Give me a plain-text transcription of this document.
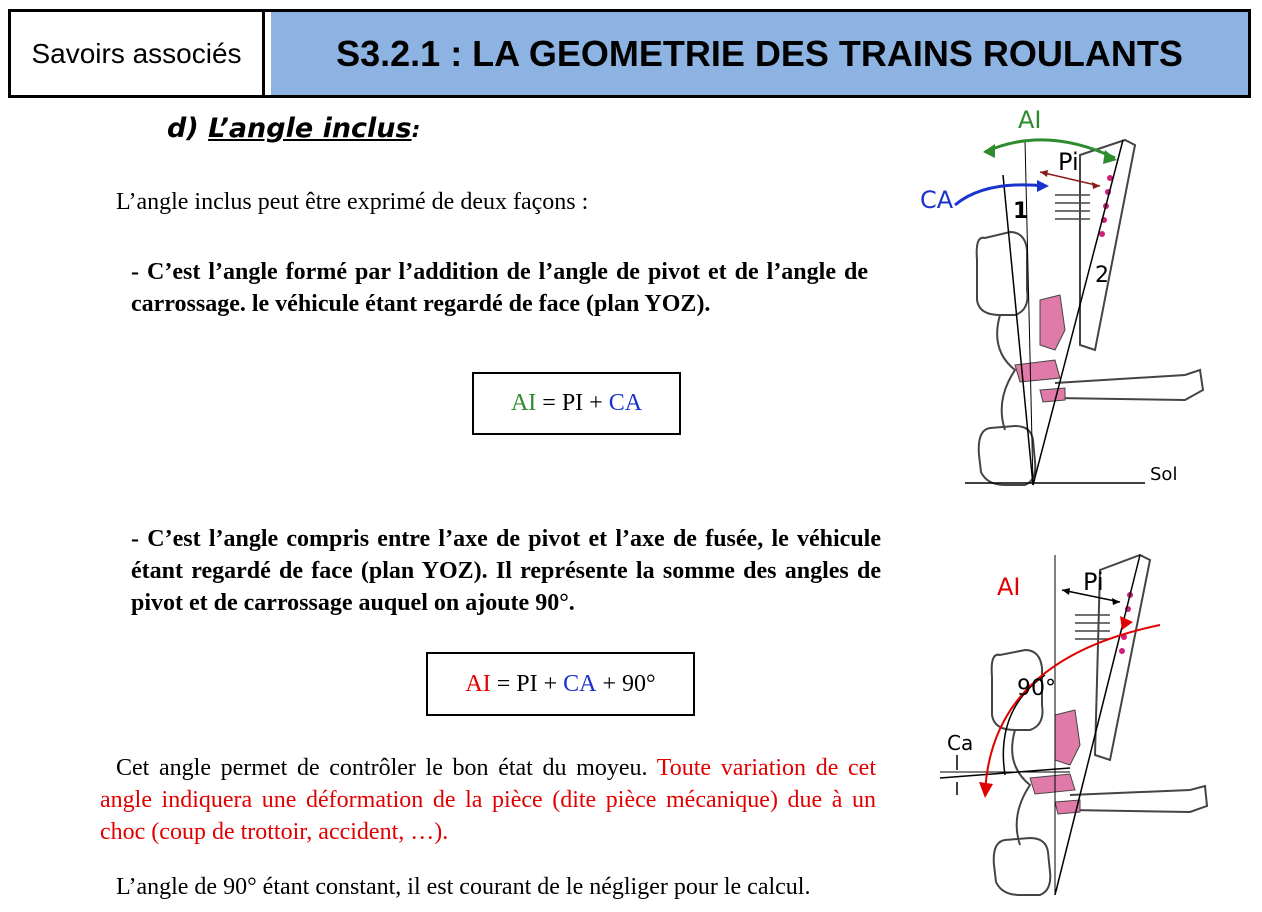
Savoirs associés	S3.2.1 : LA GEOMETRIE DES TRAINS ROULANTS
d) L’angle inclus:
L’angle inclus peut être exprimé de deux façons :
- C’est l’angle formé par l’addition de l’angle de pivot et de l’angle de carrossage. le véhicule étant regardé de face (plan YOZ).
AI = PI + CA
- C’est l’angle compris entre l’axe de pivot et l’axe de fusée, le véhicule étant regardé de face (plan YOZ). Il représente la somme des angles de pivot et de carrossage auquel on ajoute 90°.
AI = PI + CA + 90°
Cet angle permet de contrôler le bon état du moyeu. Toute variation de cet angle indiquera une déformation de la pièce (dite pièce mécanique) due à un choc (coup de trottoir, accident, …).
L’angle de 90° étant constant, il est courant de le négliger pour le calcul.
AI
Pi
CA	1
2
Sol
AI	Pi
90°
Ca
